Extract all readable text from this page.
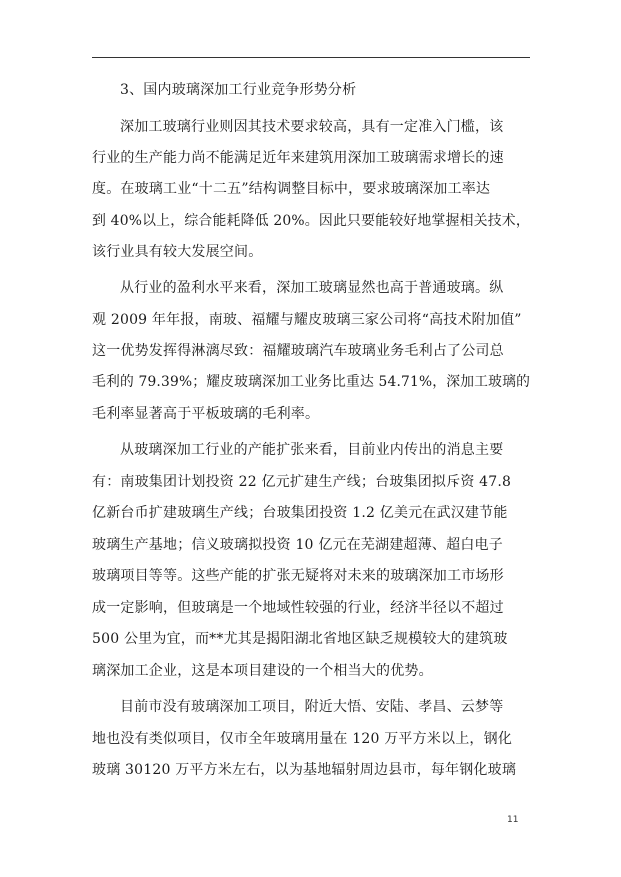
3、国内玻璃深加工行业竞争形势分析
深加工玻璃行业则因其技术要求较高，具有一定准入门槛，该
行业的生产能力尚不能满足近年来建筑用深加工玻璃需求增长的速
度。在玻璃工业“十二五”结构调整目标中，要求玻璃深加工率达
到 40%以上，综合能耗降低 20%。因此只要能较好地掌握相关技术，
该行业具有较大发展空间。
从行业的盈利水平来看，深加工玻璃显然也高于普通玻璃。纵
观 2009 年年报，南玻、福耀与耀皮玻璃三家公司将“高技术附加值”
这一优势发挥得淋漓尽致：福耀玻璃汽车玻璃业务毛利占了公司总
毛利的 79.39%；耀皮玻璃深加工业务比重达 54.71%，深加工玻璃的
毛利率显著高于平板玻璃的毛利率。
从玻璃深加工行业的产能扩张来看，目前业内传出的消息主要
有：南玻集团计划投资 22 亿元扩建生产线；台玻集团拟斥资 47.8
亿新台币扩建玻璃生产线；台玻集团投资 1.2 亿美元在武汉建节能
玻璃生产基地；信义玻璃拟投资 10 亿元在芜湖建超薄、超白电子
玻璃项目等等。这些产能的扩张无疑将对未来的玻璃深加工市场形
成一定影响，但玻璃是一个地域性较强的行业，经济半径以不超过
500 公里为宜，而**尤其是揭阳湖北省地区缺乏规模较大的建筑玻
璃深加工企业，这是本项目建设的一个相当大的优势。
目前市没有玻璃深加工项目，附近大悟、安陆、孝昌、云梦等
地也没有类似项目，仅市全年玻璃用量在 120 万平方米以上，钢化
玻璃 30120 万平方米左右，以为基地辐射周边县市，每年钢化玻璃
11
